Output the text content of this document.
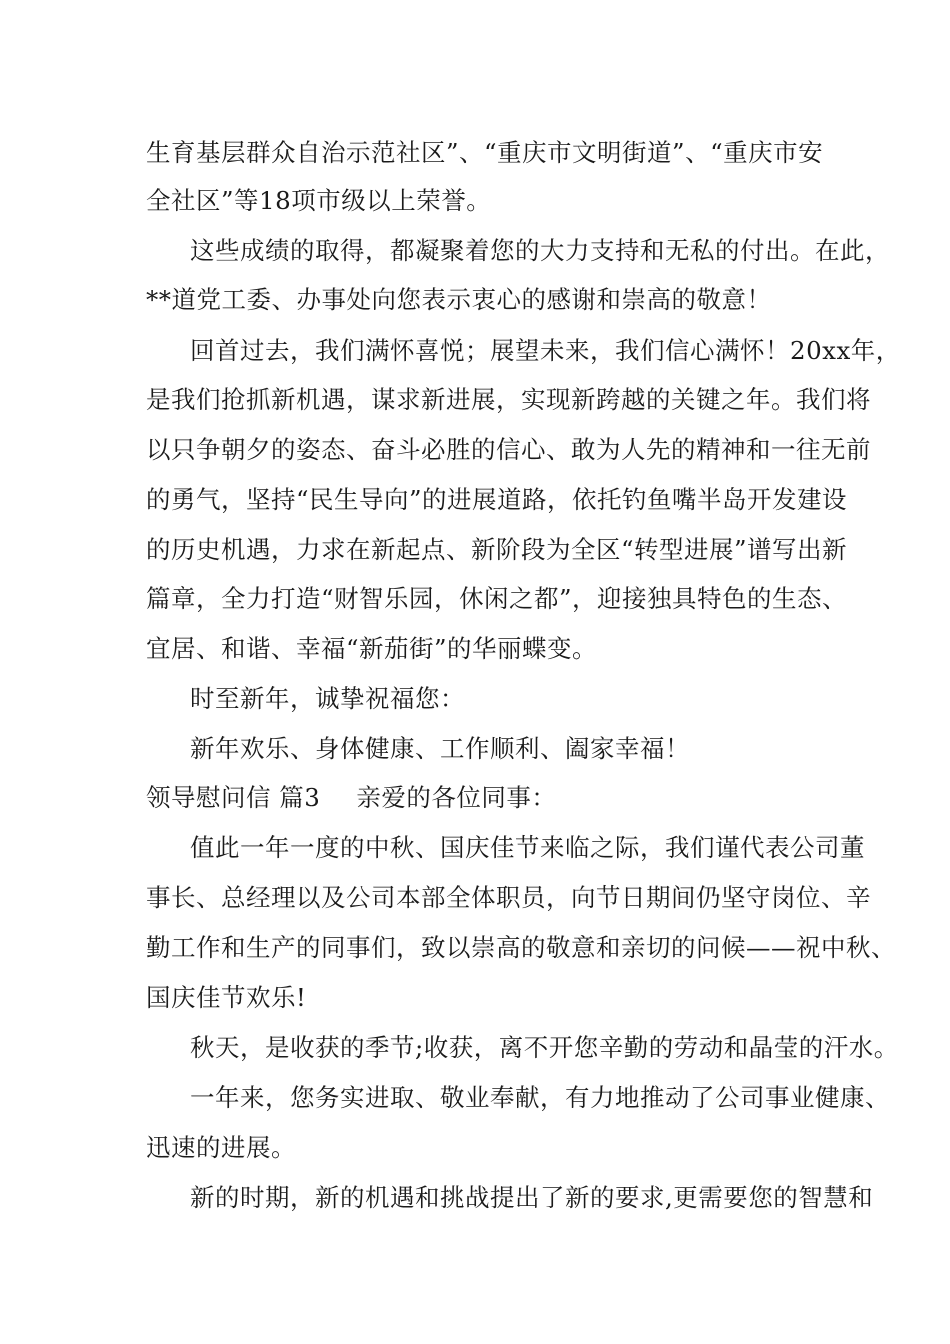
生育基层群众自治示范社区”、“重庆市文明街道”、“重庆市安
全社区”等18项市级以上荣誉。
这些成绩的取得，都凝聚着您的大力支持和无私的付出。在此，
**道党工委、办事处向您表示衷心的感谢和崇高的敬意！
回首过去，我们满怀喜悦；展望未来，我们信心满怀！20xx年，
是我们抢抓新机遇，谋求新进展，实现新跨越的关键之年。我们将
以只争朝夕的姿态、奋斗必胜的信心、敢为人先的精神和一往无前
的勇气，坚持“民生导向”的进展道路，依托钓鱼嘴半岛开发建设
的历史机遇，力求在新起点、新阶段为全区“转型进展”谱写出新
篇章，全力打造“财智乐园，休闲之都”，迎接独具特色的生态、
宜居、和谐、幸福“新茄街”的华丽蝶变。
时至新年，诚挚祝福您：
新年欢乐、身体健康、工作顺利、阖家幸福！
领导慰问信 篇3 亲爱的各位同事：
值此一年一度的中秋、国庆佳节来临之际，我们谨代表公司董
事长、总经理以及公司本部全体职员，向节日期间仍坚守岗位、辛
勤工作和生产的同事们，致以崇高的敬意和亲切的问候——祝中秋、
国庆佳节欢乐!
秋天，是收获的季节;收获，离不开您辛勤的劳动和晶莹的汗水。
一年来，您务实进取、敬业奉献，有力地推动了公司事业健康、
迅速的进展。
新的时期，新的机遇和挑战提出了新的要求,更需要您的智慧和
